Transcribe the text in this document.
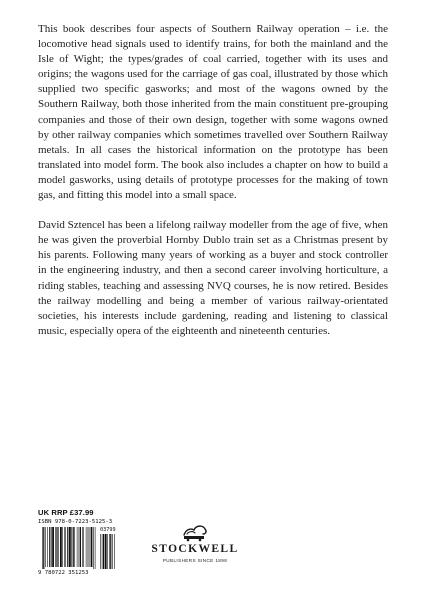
This book describes four aspects of Southern Railway operation – i.e. the locomotive head signals used to identify trains, for both the mainland and the Isle of Wight; the types/grades of coal carried, together with its uses and origins; the wagons used for the carriage of gas coal, illustrated by those which supplied two specific gasworks; and most of the wagons owned by the Southern Railway, both those inherited from the main constituent pre-grouping companies and those of their own design, together with some wagons owned by other railway companies which sometimes travelled over Southern Railway metals. In all cases the historical information on the prototype has been translated into model form. The book also includes a chapter on how to build a model gasworks, using details of prototype processes for the making of town gas, and fitting this model into a small space.

David Sztencel has been a lifelong railway modeller from the age of five, when he was given the proverbial Hornby Dublo train set as a Christmas present by his parents. Following many years of working as a buyer and stock controller in the engineering industry, and then a second career involving horticulture, a riding stables, teaching and assessing NVQ courses, he is now retired. Besides the railway modelling and being a member of various railway-orientated societies, his interests include gardening, reading and listening to classical music, especially opera of the eighteenth and nineteenth centuries.

UK RRP £37.99
ISBN 978-0-7223-5125-3
03799
9 780722 351253
STOCKWELL
PUBLISHERS SINCE 1898
